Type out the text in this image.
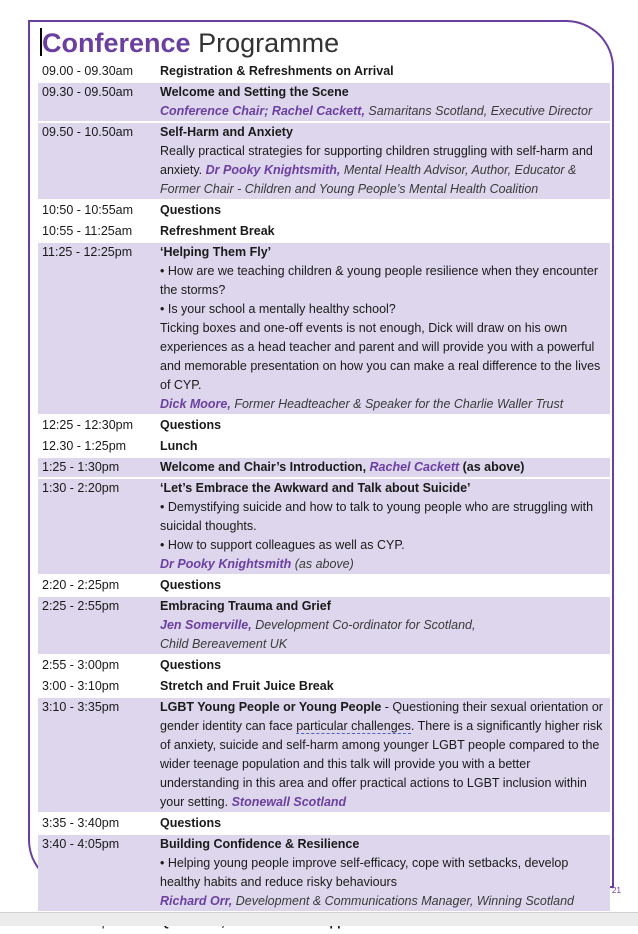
Conference Programme
09.00 - 09.30am	Registration & Refreshments on Arrival
09.30 - 09.50am	Welcome and Setting the Scene
Conference Chair; Rachel Cackett, Samaritans Scotland, Executive Director
09.50 - 10.50am	Self-Harm and Anxiety
Really practical strategies for supporting children struggling with self-harm and anxiety. Dr Pooky Knightsmith, Mental Health Advisor, Author, Educator & Former Chair - Children and Young People’s Mental Health Coalition
10:50 - 10:55am	Questions
10:55 - 11:25am	Refreshment Break
11:25 - 12:25pm	‘Helping Them Fly’
• How are we teaching children & young people resilience when they encounter the storms?
• Is your school a mentally healthy school?
Ticking boxes and one-off events is not enough, Dick will draw on his own experiences as a head teacher and parent and will provide you with a powerful and memorable presentation on how you can make a real difference to the lives of CYP.
Dick Moore, Former Headteacher & Speaker for the Charlie Waller Trust
12:25 - 12:30pm	Questions
12.30 - 1:25pm	Lunch
1:25 - 1:30pm	Welcome and Chair’s Introduction, Rachel Cackett (as above)
1:30 - 2:20pm	‘Let’s Embrace the Awkward and Talk about Suicide’
• Demystifying suicide and how to talk to young people who are struggling with suicidal thoughts.
• How to support colleagues as well as CYP.
Dr Pooky Knightsmith (as above)
2:20 - 2:25pm	Questions
2:25 - 2:55pm	Embracing Trauma and Grief
Jen Somerville, Development Co-ordinator for Scotland,
Child Bereavement UK
2:55 - 3:00pm	Questions
3:00 - 3:10pm	Stretch and Fruit Juice Break
3:10 - 3:35pm	LGBT Young People or Young People - Questioning their sexual orientation or gender identity can face particular challenges. There is a significantly higher risk of anxiety, suicide and self-harm among younger LGBT people compared to the wider teenage population and this talk will provide you with a better understanding in this area and offer practical actions to LGBT inclusion within your setting. Stonewall Scotland
3:35 - 3:40pm	Questions
3:40 - 4:05pm	Building Confidence & Resilience
• Helping young people improve self-efficacy, cope with setbacks, develop healthy habits and reduce risky behaviours
Richard Orr, Development & Communications Manager, Winning Scotland
21
